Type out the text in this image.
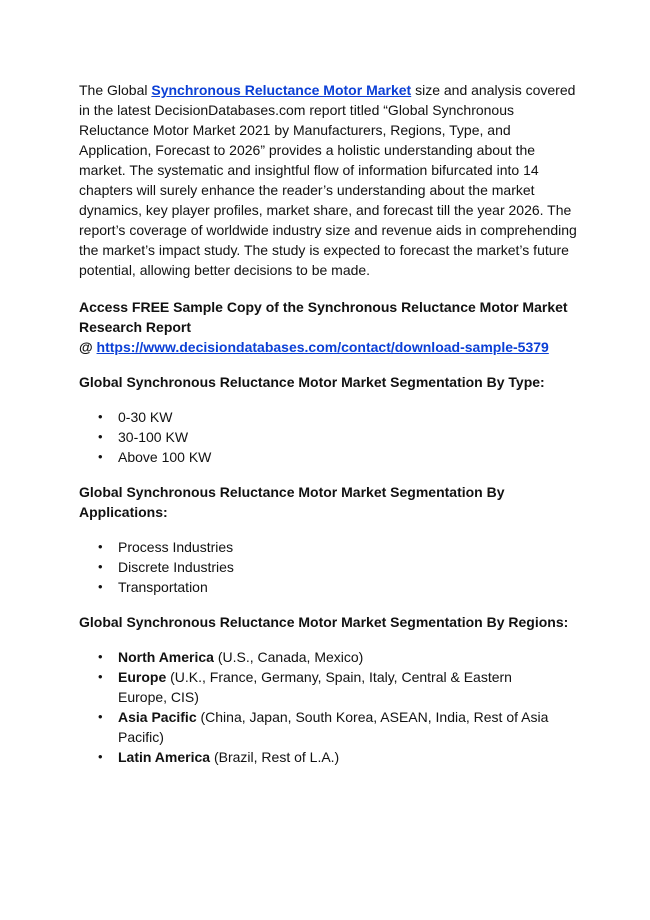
The Global Synchronous Reluctance Motor Market size and analysis covered in the latest DecisionDatabases.com report titled “Global Synchronous Reluctance Motor Market 2021 by Manufacturers, Regions, Type, and Application, Forecast to 2026” provides a holistic understanding about the market. The systematic and insightful flow of information bifurcated into 14 chapters will surely enhance the reader’s understanding about the market dynamics, key player profiles, market share, and forecast till the year 2026. The report’s coverage of worldwide industry size and revenue aids in comprehending the market’s impact study. The study is expected to forecast the market’s future potential, allowing better decisions to be made.

Access FREE Sample Copy of the Synchronous Reluctance Motor Market Research Report

@ https://www.decisiondatabases.com/contact/download-sample-5379

Global Synchronous Reluctance Motor Market Segmentation By Type:

• 0-30 KW
• 30-100 KW
• Above 100 KW

Global Synchronous Reluctance Motor Market Segmentation By Applications:

• Process Industries
• Discrete Industries
• Transportation

Global Synchronous Reluctance Motor Market Segmentation By Regions:

• North America (U.S., Canada, Mexico)
• Europe (U.K., France, Germany, Spain, Italy, Central & Eastern Europe, CIS)
• Asia Pacific (China, Japan, South Korea, ASEAN, India, Rest of Asia Pacific)
• Latin America (Brazil, Rest of L.A.)
